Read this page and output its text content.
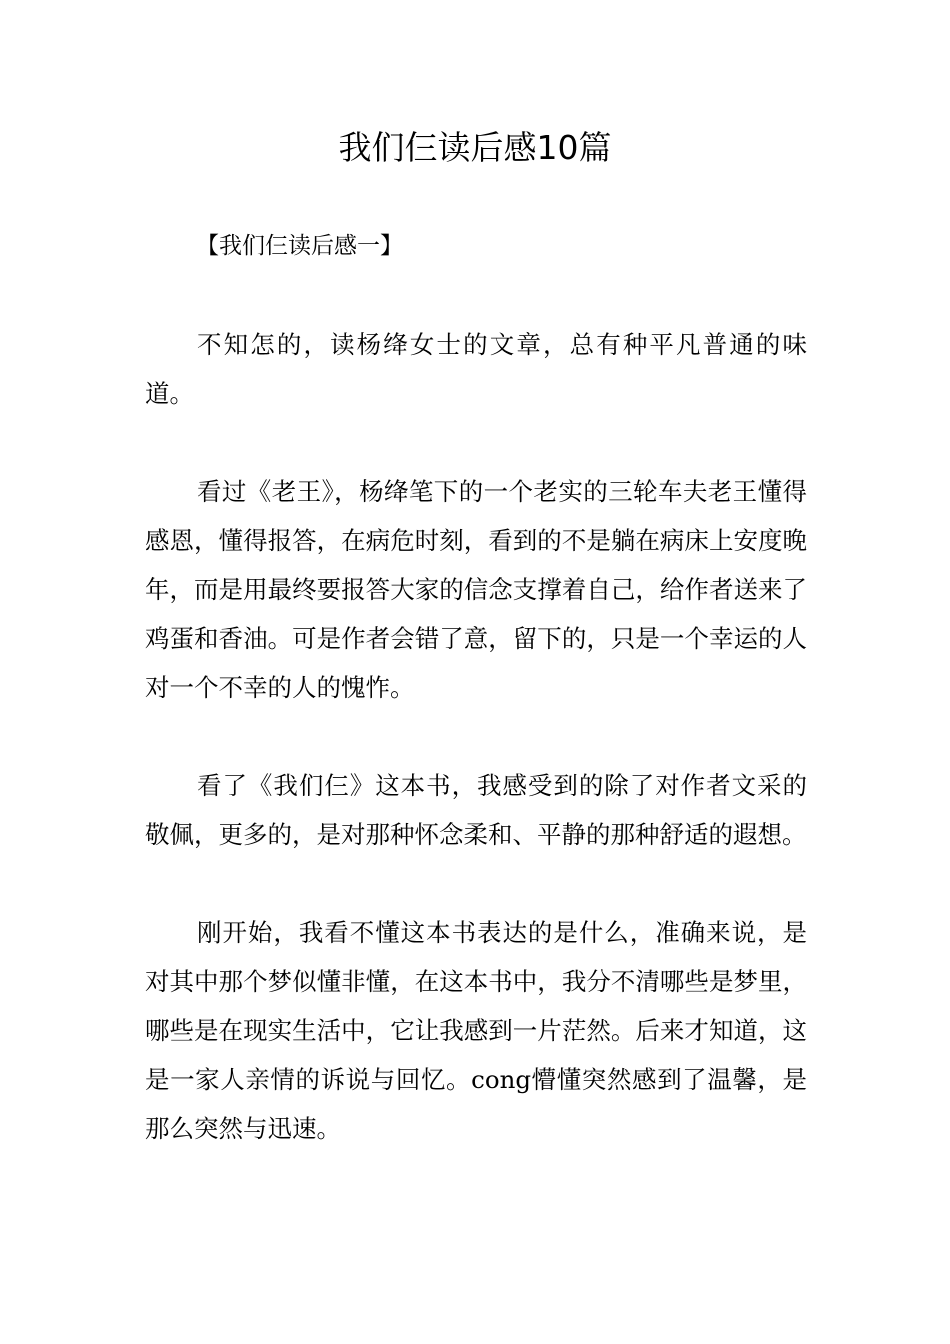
我们仨读后感10篇
【我们仨读后感一】

不知怎的，读杨绛女士的文章，总有种平凡普通的味道。

看过《老王》，杨绛笔下的一个老实的三轮车夫老王懂得感恩，懂得报答，在病危时刻，看到的不是躺在病床上安度晚年，而是用最终要报答大家的信念支撑着自己，给作者送来了鸡蛋和香油。可是作者会错了意，留下的，只是一个幸运的人对一个不幸的人的愧怍。

看了《我们仨》这本书，我感受到的除了对作者文采的敬佩，更多的，是对那种怀念柔和、平静的那种舒适的遐想。

刚开始，我看不懂这本书表达的是什么，准确来说，是对其中那个梦似懂非懂，在这本书中，我分不清哪些是梦里，哪些是在现实生活中，它让我感到一片茫然。后来才知道，这是一家人亲情的诉说与回忆。cong懵懂突然感到了温馨，是那么突然与迅速。
